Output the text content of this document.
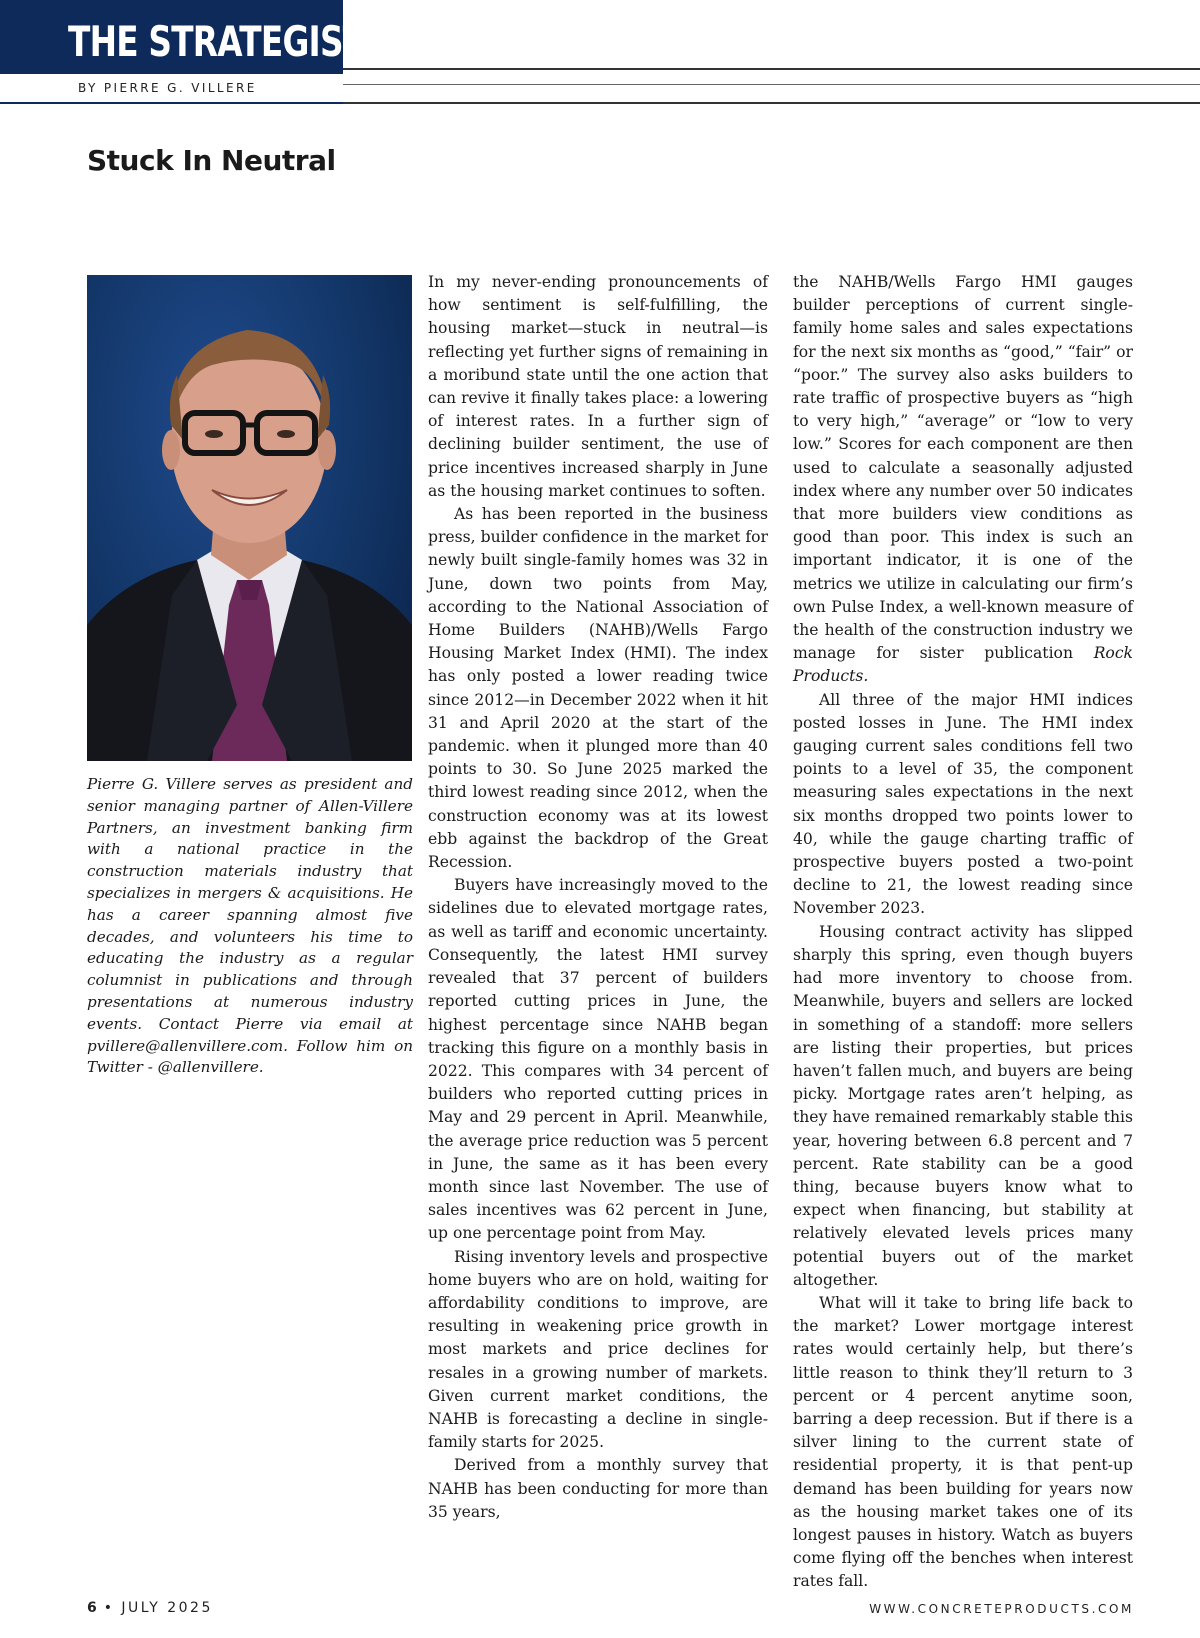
THE STRATEGIST
BY PIERRE G. VILLERE
Stuck In Neutral

Pierre G. Villere serves as president and senior managing partner of Allen-Villere Partners, an investment banking firm with a national practice in the construction materials industry that specializes in mergers & acquisitions. He has a career spanning almost five decades, and volunteers his time to educating the industry as a regular columnist in publications and through presentations at numerous industry events. Contact Pierre via email at pvillere@allenvillere.com. Follow him on Twitter - @allenvillere.

In my never-ending pronouncements of how sentiment is self-fulfilling, the housing market—stuck in neutral—is reflecting yet further signs of remaining in a moribund state until the one action that can revive it finally takes place: a lowering of interest rates. In a further sign of declining builder sentiment, the use of price incentives increased sharply in June as the housing market continues to soften.

As has been reported in the business press, builder confidence in the market for newly built single-family homes was 32 in June, down two points from May, according to the National Association of Home Builders (NAHB)/Wells Fargo Housing Market Index (HMI). The index has only posted a lower reading twice since 2012—in December 2022 when it hit 31 and April 2020 at the start of the pandemic. when it plunged more than 40 points to 30. So June 2025 marked the third lowest reading since 2012, when the construction economy was at its lowest ebb against the backdrop of the Great Recession.

Buyers have increasingly moved to the sidelines due to elevated mortgage rates, as well as tariff and economic uncertainty. Consequently, the latest HMI survey revealed that 37 percent of builders reported cutting prices in June, the highest percentage since NAHB began tracking this figure on a monthly basis in 2022. This compares with 34 percent of builders who reported cutting prices in May and 29 percent in April. Meanwhile, the average price reduction was 5 percent in June, the same as it has been every month since last November. The use of sales incentives was 62 percent in June, up one percentage point from May.

Rising inventory levels and prospective home buyers who are on hold, waiting for affordability conditions to improve, are resulting in weakening price growth in most markets and price declines for resales in a growing number of markets. Given current market conditions, the NAHB is forecasting a decline in single-family starts for 2025.

Derived from a monthly survey that NAHB has been conducting for more than 35 years,

the NAHB/Wells Fargo HMI gauges builder perceptions of current single-family home sales and sales expectations for the next six months as “good,” “fair” or “poor.” The survey also asks builders to rate traffic of prospective buyers as “high to very high,” “average” or “low to very low.” Scores for each component are then used to calculate a seasonally adjusted index where any number over 50 indicates that more builders view conditions as good than poor. This index is such an important indicator, it is one of the metrics we utilize in calculating our firm’s own Pulse Index, a well-known measure of the health of the construction industry we manage for sister publication Rock Products.

All three of the major HMI indices posted losses in June. The HMI index gauging current sales conditions fell two points to a level of 35, the component measuring sales expectations in the next six months dropped two points lower to 40, while the gauge charting traffic of prospective buyers posted a two-point decline to 21, the lowest reading since November 2023.

Housing contract activity has slipped sharply this spring, even though buyers had more inventory to choose from. Meanwhile, buyers and sellers are locked in something of a standoff: more sellers are listing their properties, but prices haven’t fallen much, and buyers are being picky. Mortgage rates aren’t helping, as they have remained remarkably stable this year, hovering between 6.8 percent and 7 percent. Rate stability can be a good thing, because buyers know what to expect when financing, but stability at relatively elevated levels prices many potential buyers out of the market altogether.

What will it take to bring life back to the market? Lower mortgage interest rates would certainly help, but there’s little reason to think they’ll return to 3 percent or 4 percent anytime soon, barring a deep recession. But if there is a silver lining to the current state of residential property, it is that pent-up demand has been building for years now as the housing market takes one of its longest pauses in history. Watch as buyers come flying off the benches when interest rates fall.

6 • JULY 2025	WWW.CONCRETEPRODUCTS.COM
